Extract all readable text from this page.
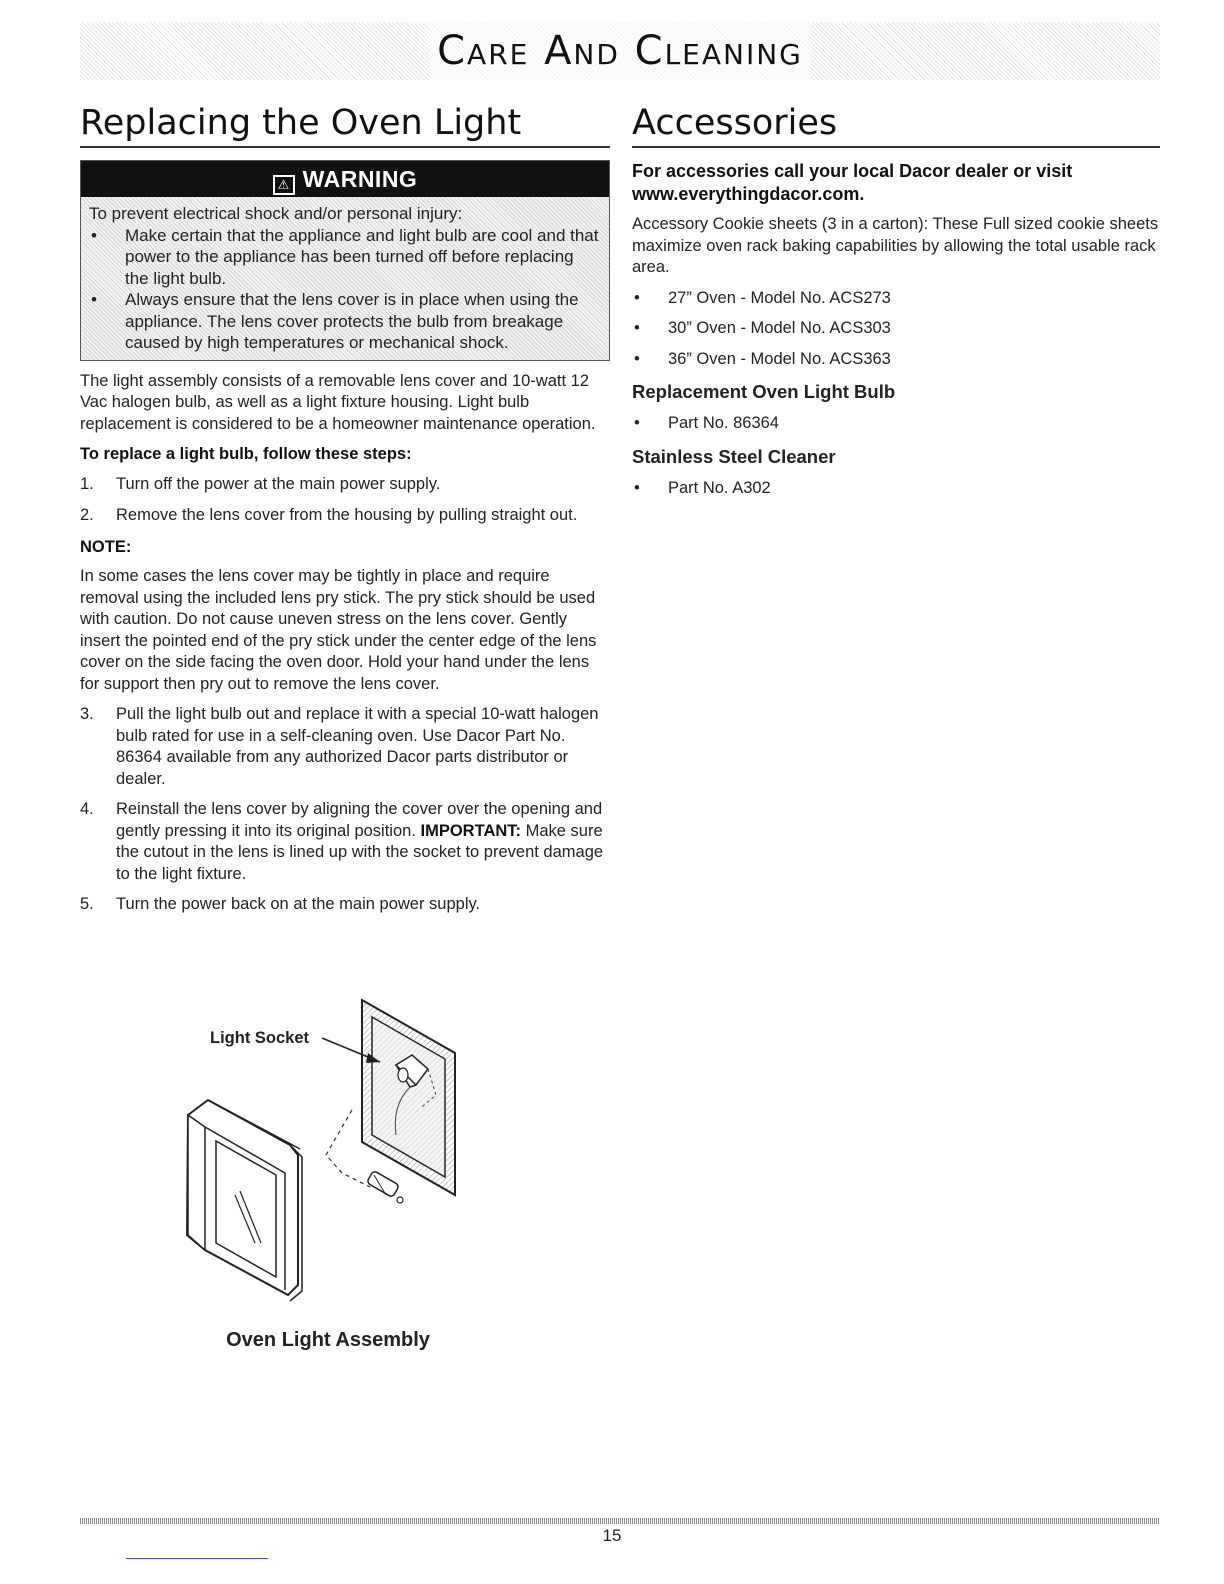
Care And Cleaning
Replacing the Oven Light
⚠ WARNING
To prevent electrical shock and/or personal injury:
• Make certain that the appliance and light bulb are cool and that power to the appliance has been turned off before replacing the light bulb.
• Always ensure that the lens cover is in place when using the appliance. The lens cover protects the bulb from breakage caused by high temperatures or mechanical shock.

The light assembly consists of a removable lens cover and 10-watt 12 Vac halogen bulb, as well as a light fixture housing. Light bulb replacement is considered to be a homeowner maintenance operation.

To replace a light bulb, follow these steps:
1. Turn off the power at the main power supply.
2. Remove the lens cover from the housing by pulling straight out.
NOTE:

In some cases the lens cover may be tightly in place and require removal using the included lens pry stick. The pry stick should be used with caution. Do not cause uneven stress on the lens cover. Gently insert the pointed end of the pry stick under the center edge of the lens cover on the side facing the oven door. Hold your hand under the lens for support then pry out to remove the lens cover.

3. Pull the light bulb out and replace it with a special 10-watt halogen bulb rated for use in a self-cleaning oven. Use Dacor Part No. 86364 available from any authorized Dacor parts distributor or dealer.
4. Reinstall the lens cover by aligning the cover over the opening and gently pressing it into its original position. IMPORTANT: Make sure the cutout in the lens is lined up with the socket to prevent damage to the light fixture.
5. Turn the power back on at the main power supply.
Light Socket
Oven Light Assembly
Accessories
For accessories call your local Dacor dealer or visit www.everythingdacor.com.

Accessory Cookie sheets (3 in a carton): These Full sized cookie sheets maximize oven rack baking capabilities by allowing the total usable rack area.

• 27” Oven - Model No. ACS273
• 30” Oven - Model No. ACS303
• 36” Oven - Model No. ACS363
Replacement Oven Light Bulb
• Part No. 86364
Stainless Steel Cleaner
• Part No. A302
15
